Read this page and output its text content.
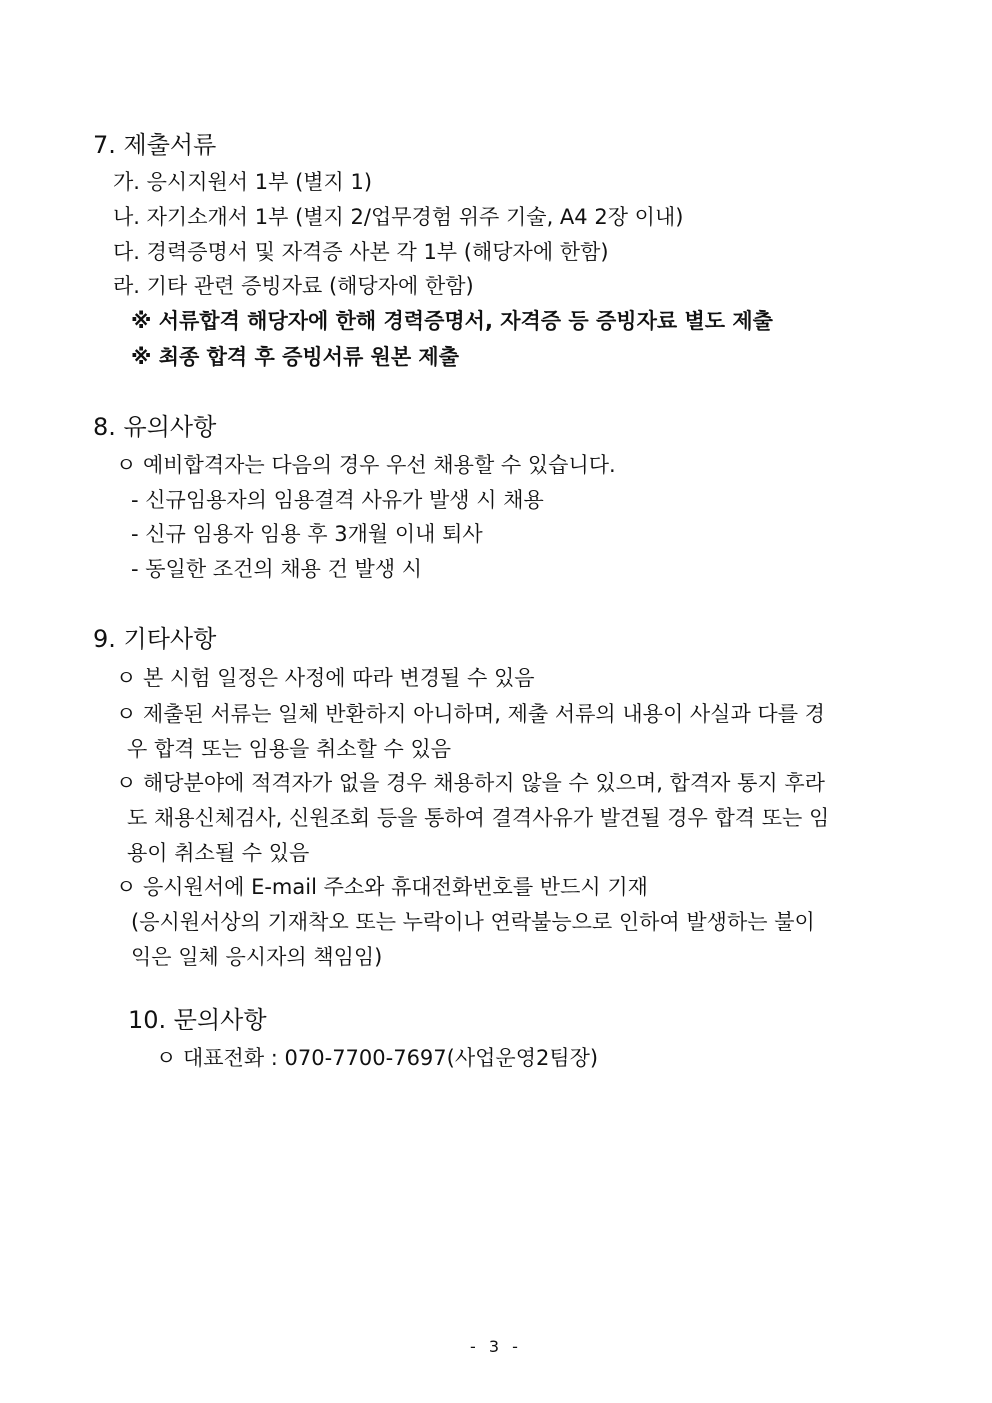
7. 제출서류
가. 응시지원서 1부 (별지 1)
나. 자기소개서 1부 (별지 2/업무경험 위주 기술, A4 2장 이내)
다. 경력증명서 및 자격증 사본 각 1부 (해당자에 한함)
라. 기타 관련 증빙자료 (해당자에 한함)
※ 서류합격 해당자에 한해 경력증명서, 자격증 등 증빙자료 별도 제출
※ 최종 합격 후 증빙서류 원본 제출
8. 유의사항
ㅇ 예비합격자는 다음의 경우 우선 채용할 수 있습니다.
- 신규임용자의 임용결격 사유가 발생 시 채용
- 신규 임용자 임용 후 3개월 이내 퇴사
- 동일한 조건의 채용 건 발생 시
9. 기타사항
ㅇ 본 시험 일정은 사정에 따라 변경될 수 있음
ㅇ 제출된 서류는 일체 반환하지 아니하며, 제출 서류의 내용이 사실과 다를 경
우 합격 또는 임용을 취소할 수 있음
ㅇ 해당분야에 적격자가 없을 경우 채용하지 않을 수 있으며, 합격자 통지 후라
도 채용신체검사, 신원조회 등을 통하여 결격사유가 발견될 경우 합격 또는 임
용이 취소될 수 있음
ㅇ 응시원서에 E-mail 주소와 휴대전화번호를 반드시 기재
(응시원서상의 기재착오 또는 누락이나 연락불능으로 인하여 발생하는 불이
익은 일체 응시자의 책임임)
10. 문의사항
ㅇ 대표전화 : 070-7700-7697(사업운영2팀장)
- 3 -
